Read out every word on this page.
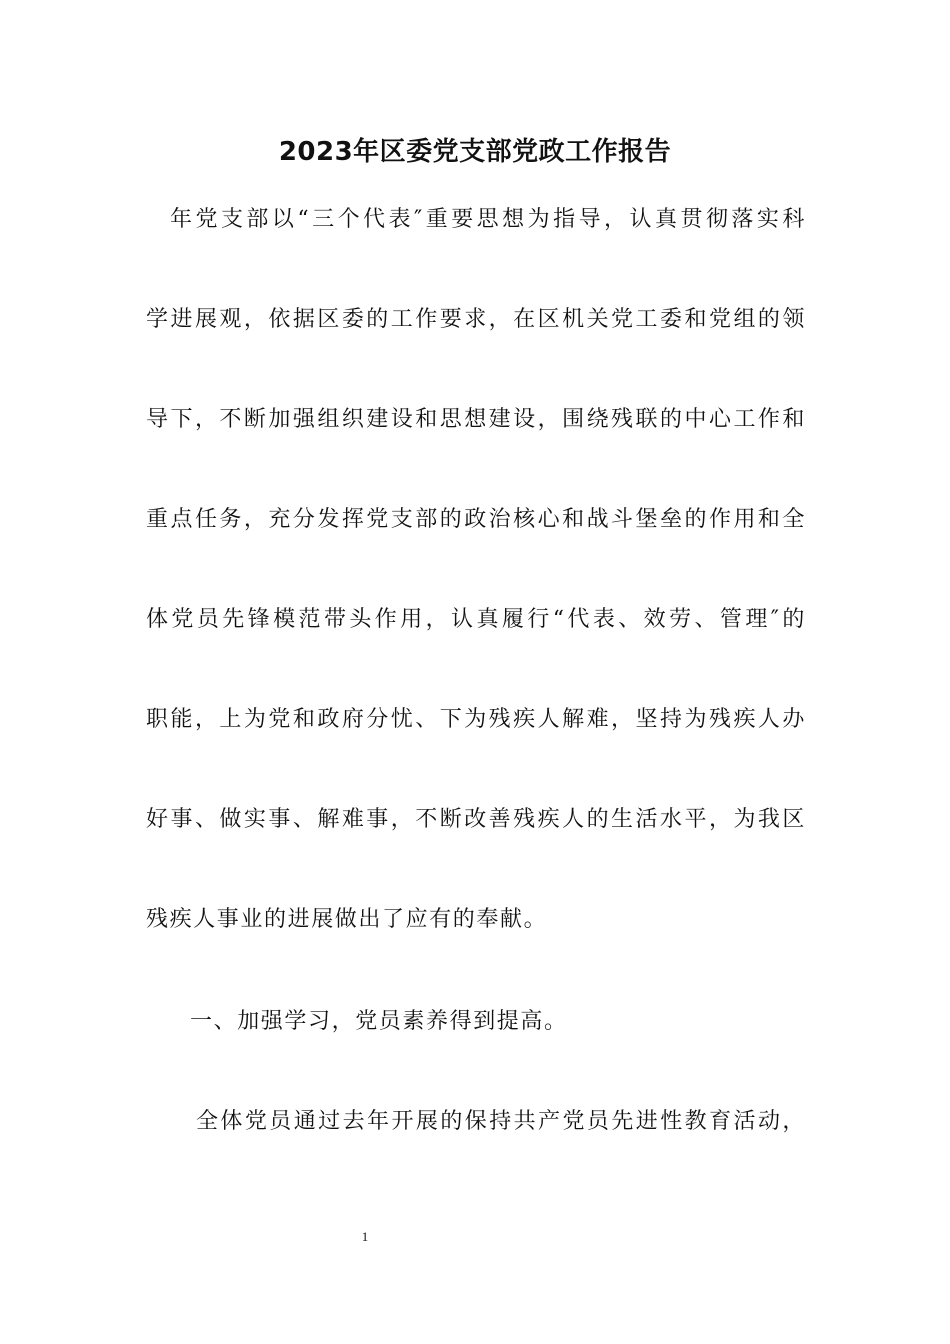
2023年区委党支部党政工作报告
年党支部以“三个代表″重要思想为指导，认真贯彻落实科
学进展观，依据区委的工作要求，在区机关党工委和党组的领
导下，不断加强组织建设和思想建设，围绕残联的中心工作和
重点任务，充分发挥党支部的政治核心和战斗堡垒的作用和全
体党员先锋模范带头作用，认真履行“代表、效劳、管理″的
职能，上为党和政府分忧、下为残疾人解难，坚持为残疾人办
好事、做实事、解难事，不断改善残疾人的生活水平，为我区
残疾人事业的进展做出了应有的奉献。
一、加强学习，党员素养得到提高。
全体党员通过去年开展的保持共产党员先进性教育活动，
1
